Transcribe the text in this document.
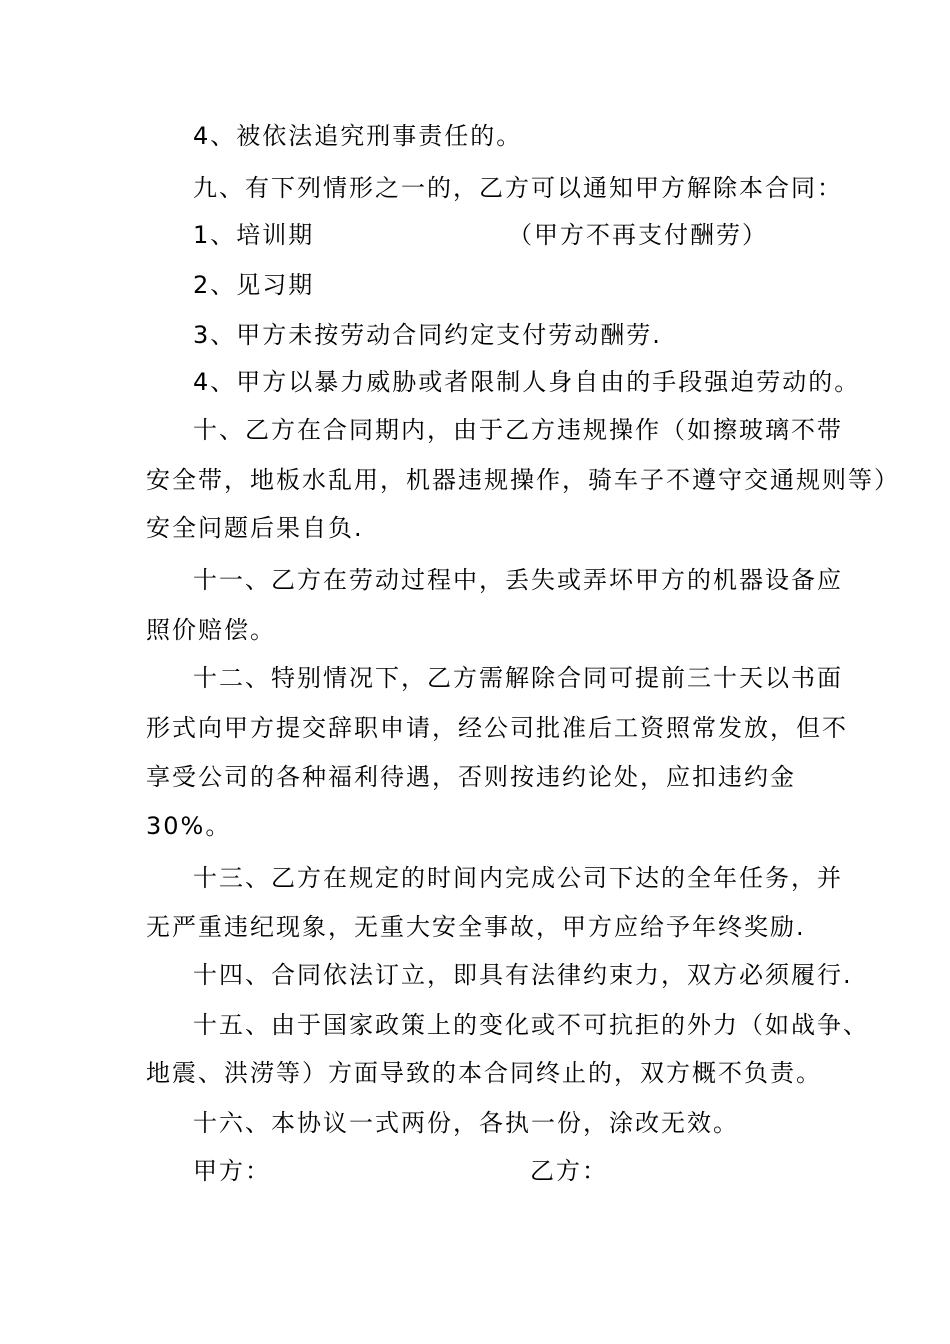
4、被依法追究刑事责任的。
九、有下列情形之一的，乙方可以通知甲方解除本合同：
1、培训期	（甲方不再支付酬劳）
2、见习期
3、甲方未按劳动合同约定支付劳动酬劳.
4、甲方以暴力威胁或者限制人身自由的手段强迫劳动的。
十、乙方在合同期内，由于乙方违规操作（如擦玻璃不带
安全带，地板水乱用，机器违规操作，骑车子不遵守交通规则等）
安全问题后果自负.
十一、乙方在劳动过程中，丢失或弄坏甲方的机器设备应
照价赔偿。
十二、特别情况下，乙方需解除合同可提前三十天以书面
形式向甲方提交辞职申请，经公司批准后工资照常发放，但不
享受公司的各种福利待遇，否则按违约论处，应扣违约金
30%。
十三、乙方在规定的时间内完成公司下达的全年任务，并
无严重违纪现象，无重大安全事故，甲方应给予年终奖励.
十四、合同依法订立，即具有法律约束力，双方必须履行.
十五、由于国家政策上的变化或不可抗拒的外力（如战争、
地震、洪涝等）方面导致的本合同终止的，双方概不负责。
十六、本协议一式两份，各执一份，涂改无效。
甲方：	乙方：
